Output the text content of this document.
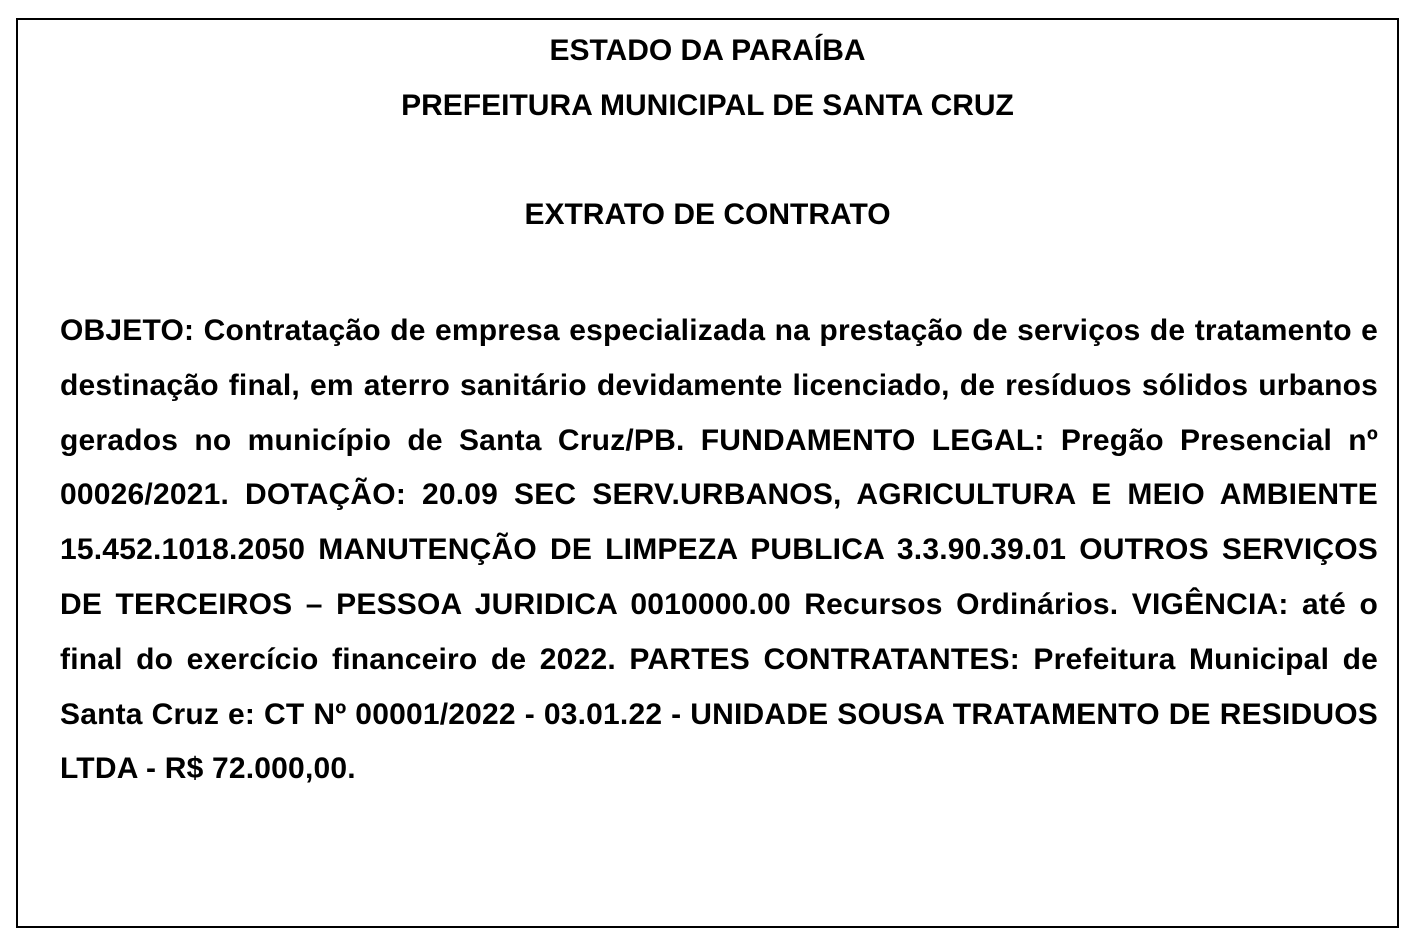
ESTADO DA PARAÍBA
PREFEITURA MUNICIPAL DE SANTA CRUZ
EXTRATO DE CONTRATO
OBJETO: Contratação de empresa especializada na prestação de serviços de tratamento e destinação final, em aterro sanitário devidamente licenciado, de resíduos sólidos urbanos gerados no município de Santa Cruz/PB. FUNDAMENTO LEGAL: Pregão Presencial nº 00026/2021. DOTAÇÃO: 20.09 SEC SERV.URBANOS, AGRICULTURA E MEIO AMBIENTE 15.452.1018.2050 MANUTENÇÃO DE LIMPEZA PUBLICA 3.3.90.39.01 OUTROS SERVIÇOS DE TERCEIROS – PESSOA JURIDICA 0010000.00 Recursos Ordinários. VIGÊNCIA: até o final do exercício financeiro de 2022. PARTES CONTRATANTES: Prefeitura Municipal de Santa Cruz e: CT Nº 00001/2022 - 03.01.22 - UNIDADE SOUSA TRATAMENTO DE RESIDUOS LTDA - R$ 72.000,00.
